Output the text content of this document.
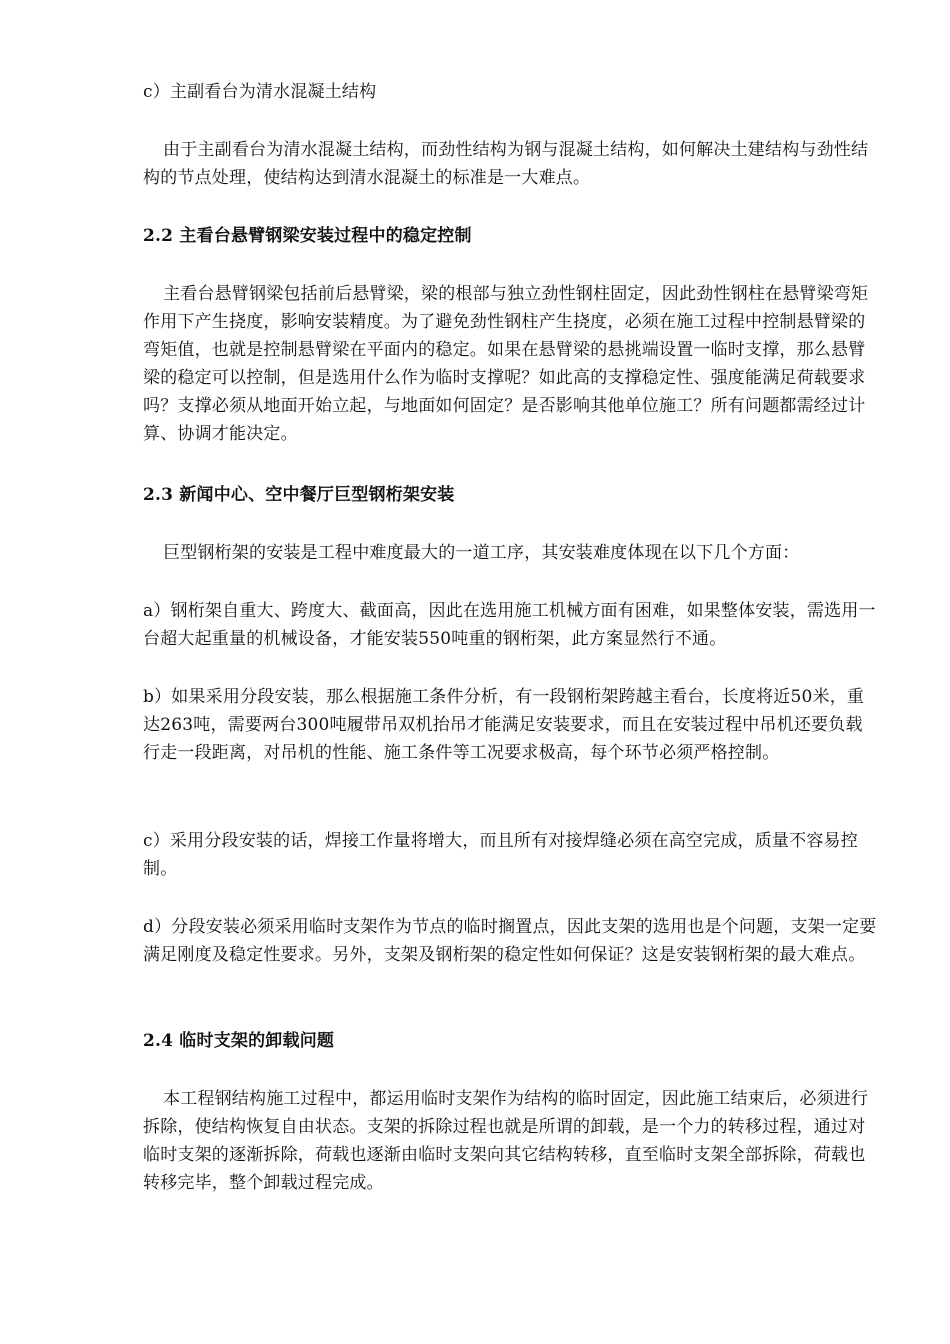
c）主副看台为清水混凝土结构

由于主副看台为清水混凝土结构，而劲性结构为钢与混凝土结构，如何解决土建结构与劲性结构的节点处理，使结构达到清水混凝土的标准是一大难点。

2.2 主看台悬臂钢梁安装过程中的稳定控制

主看台悬臂钢梁包括前后悬臂梁，梁的根部与独立劲性钢柱固定，因此劲性钢柱在悬臂梁弯矩作用下产生挠度，影响安装精度。为了避免劲性钢柱产生挠度，必须在施工过程中控制悬臂梁的弯矩值，也就是控制悬臂梁在平面内的稳定。如果在悬臂梁的悬挑端设置一临时支撑，那么悬臂梁的稳定可以控制，但是选用什么作为临时支撑呢？如此高的支撑稳定性、强度能满足荷载要求吗？支撑必须从地面开始立起，与地面如何固定？是否影响其他单位施工？所有问题都需经过计算、协调才能决定。

2.3 新闻中心、空中餐厅巨型钢桁架安装

巨型钢桁架的安装是工程中难度最大的一道工序，其安装难度体现在以下几个方面：

a）钢桁架自重大、跨度大、截面高，因此在选用施工机械方面有困难，如果整体安装，需选用一台超大起重量的机械设备，才能安装550吨重的钢桁架，此方案显然行不通。

b）如果采用分段安装，那么根据施工条件分析，有一段钢桁架跨越主看台，长度将近50米，重达263吨，需要两台300吨履带吊双机抬吊才能满足安装要求，而且在安装过程中吊机还要负载行走一段距离，对吊机的性能、施工条件等工况要求极高，每个环节必须严格控制。

c）采用分段安装的话，焊接工作量将增大，而且所有对接焊缝必须在高空完成，质量不容易控制。

d）分段安装必须采用临时支架作为节点的临时搁置点，因此支架的选用也是个问题，支架一定要满足刚度及稳定性要求。另外，支架及钢桁架的稳定性如何保证？这是安装钢桁架的最大难点。

2.4 临时支架的卸载问题

本工程钢结构施工过程中，都运用临时支架作为结构的临时固定，因此施工结束后，必须进行拆除，使结构恢复自由状态。支架的拆除过程也就是所谓的卸载，是一个力的转移过程，通过对临时支架的逐渐拆除，荷载也逐渐由临时支架向其它结构转移，直至临时支架全部拆除，荷载也转移完毕，整个卸载过程完成。
